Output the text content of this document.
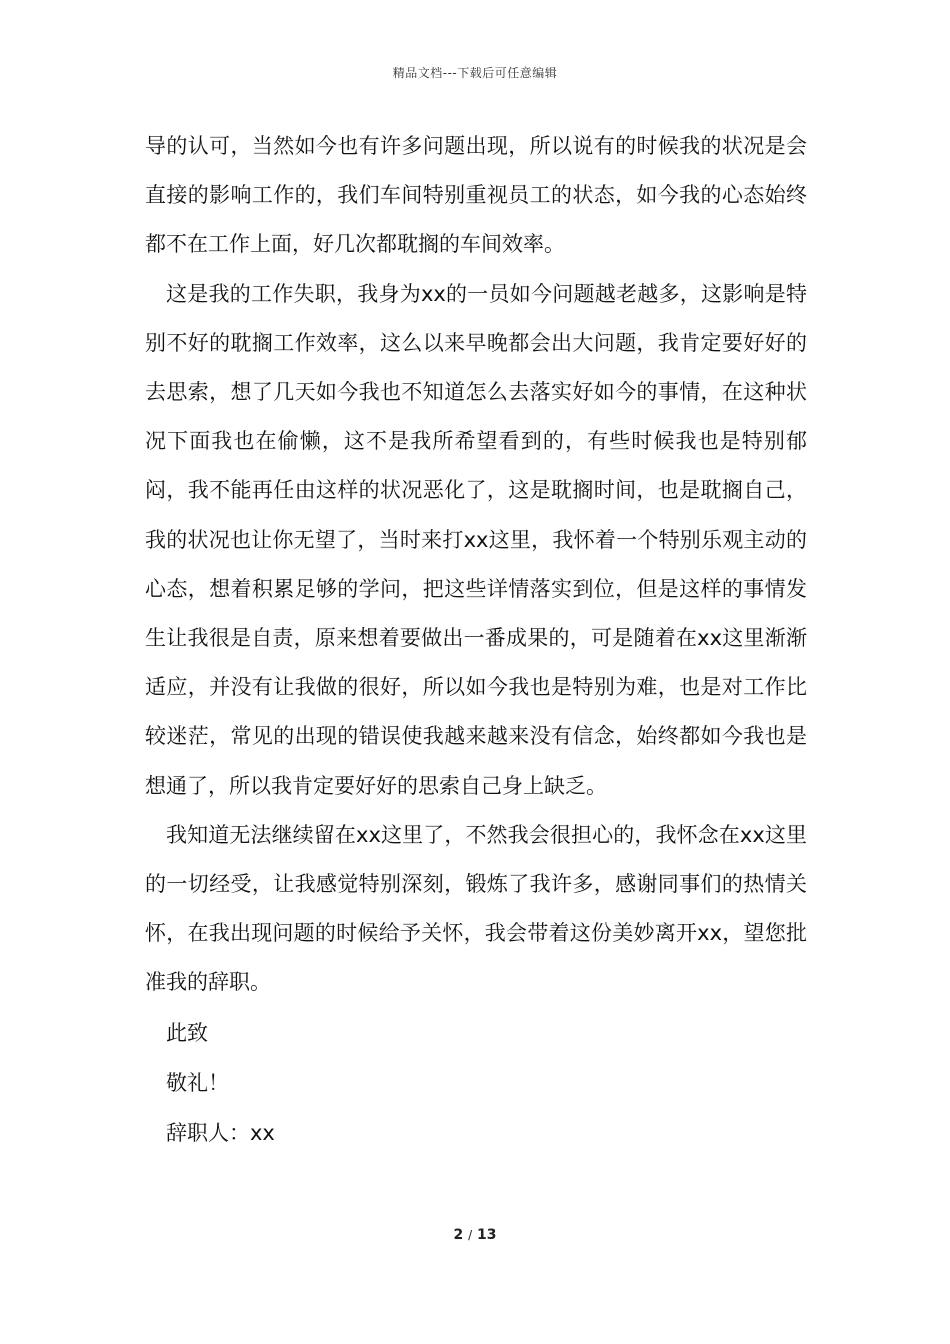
精品文档---下载后可任意编辑

导的认可，当然如今也有许多问题出现，所以说有的时候我的状况是会直接的影响工作的，我们车间特别重视员工的状态，如今我的心态始终都不在工作上面，好几次都耽搁的车间效率。

这是我的工作失职，我身为xx的一员如今问题越老越多，这影响是特别不好的耽搁工作效率，这么以来早晚都会出大问题，我肯定要好好的去思索，想了几天如今我也不知道怎么去落实好如今的事情，在这种状况下面我也在偷懒，这不是我所希望看到的，有些时候我也是特别郁闷，我不能再任由这样的状况恶化了，这是耽搁时间，也是耽搁自己，我的状况也让你无望了，当时来打xx这里，我怀着一个特别乐观主动的心态，想着积累足够的学问，把这些详情落实到位，但是这样的事情发生让我很是自责，原来想着要做出一番成果的，可是随着在xx这里渐渐适应，并没有让我做的很好，所以如今我也是特别为难，也是对工作比较迷茫，常见的出现的错误使我越来越来没有信念，始终都如今我也是想通了，所以我肯定要好好的思索自己身上缺乏。

我知道无法继续留在xx这里了，不然我会很担心的，我怀念在xx这里的一切经受，让我感觉特别深刻，锻炼了我许多，感谢同事们的热情关怀，在我出现问题的时候给予关怀，我会带着这份美妙离开xx，望您批准我的辞职。

此致

敬礼！

辞职人：xx

2 / 13
